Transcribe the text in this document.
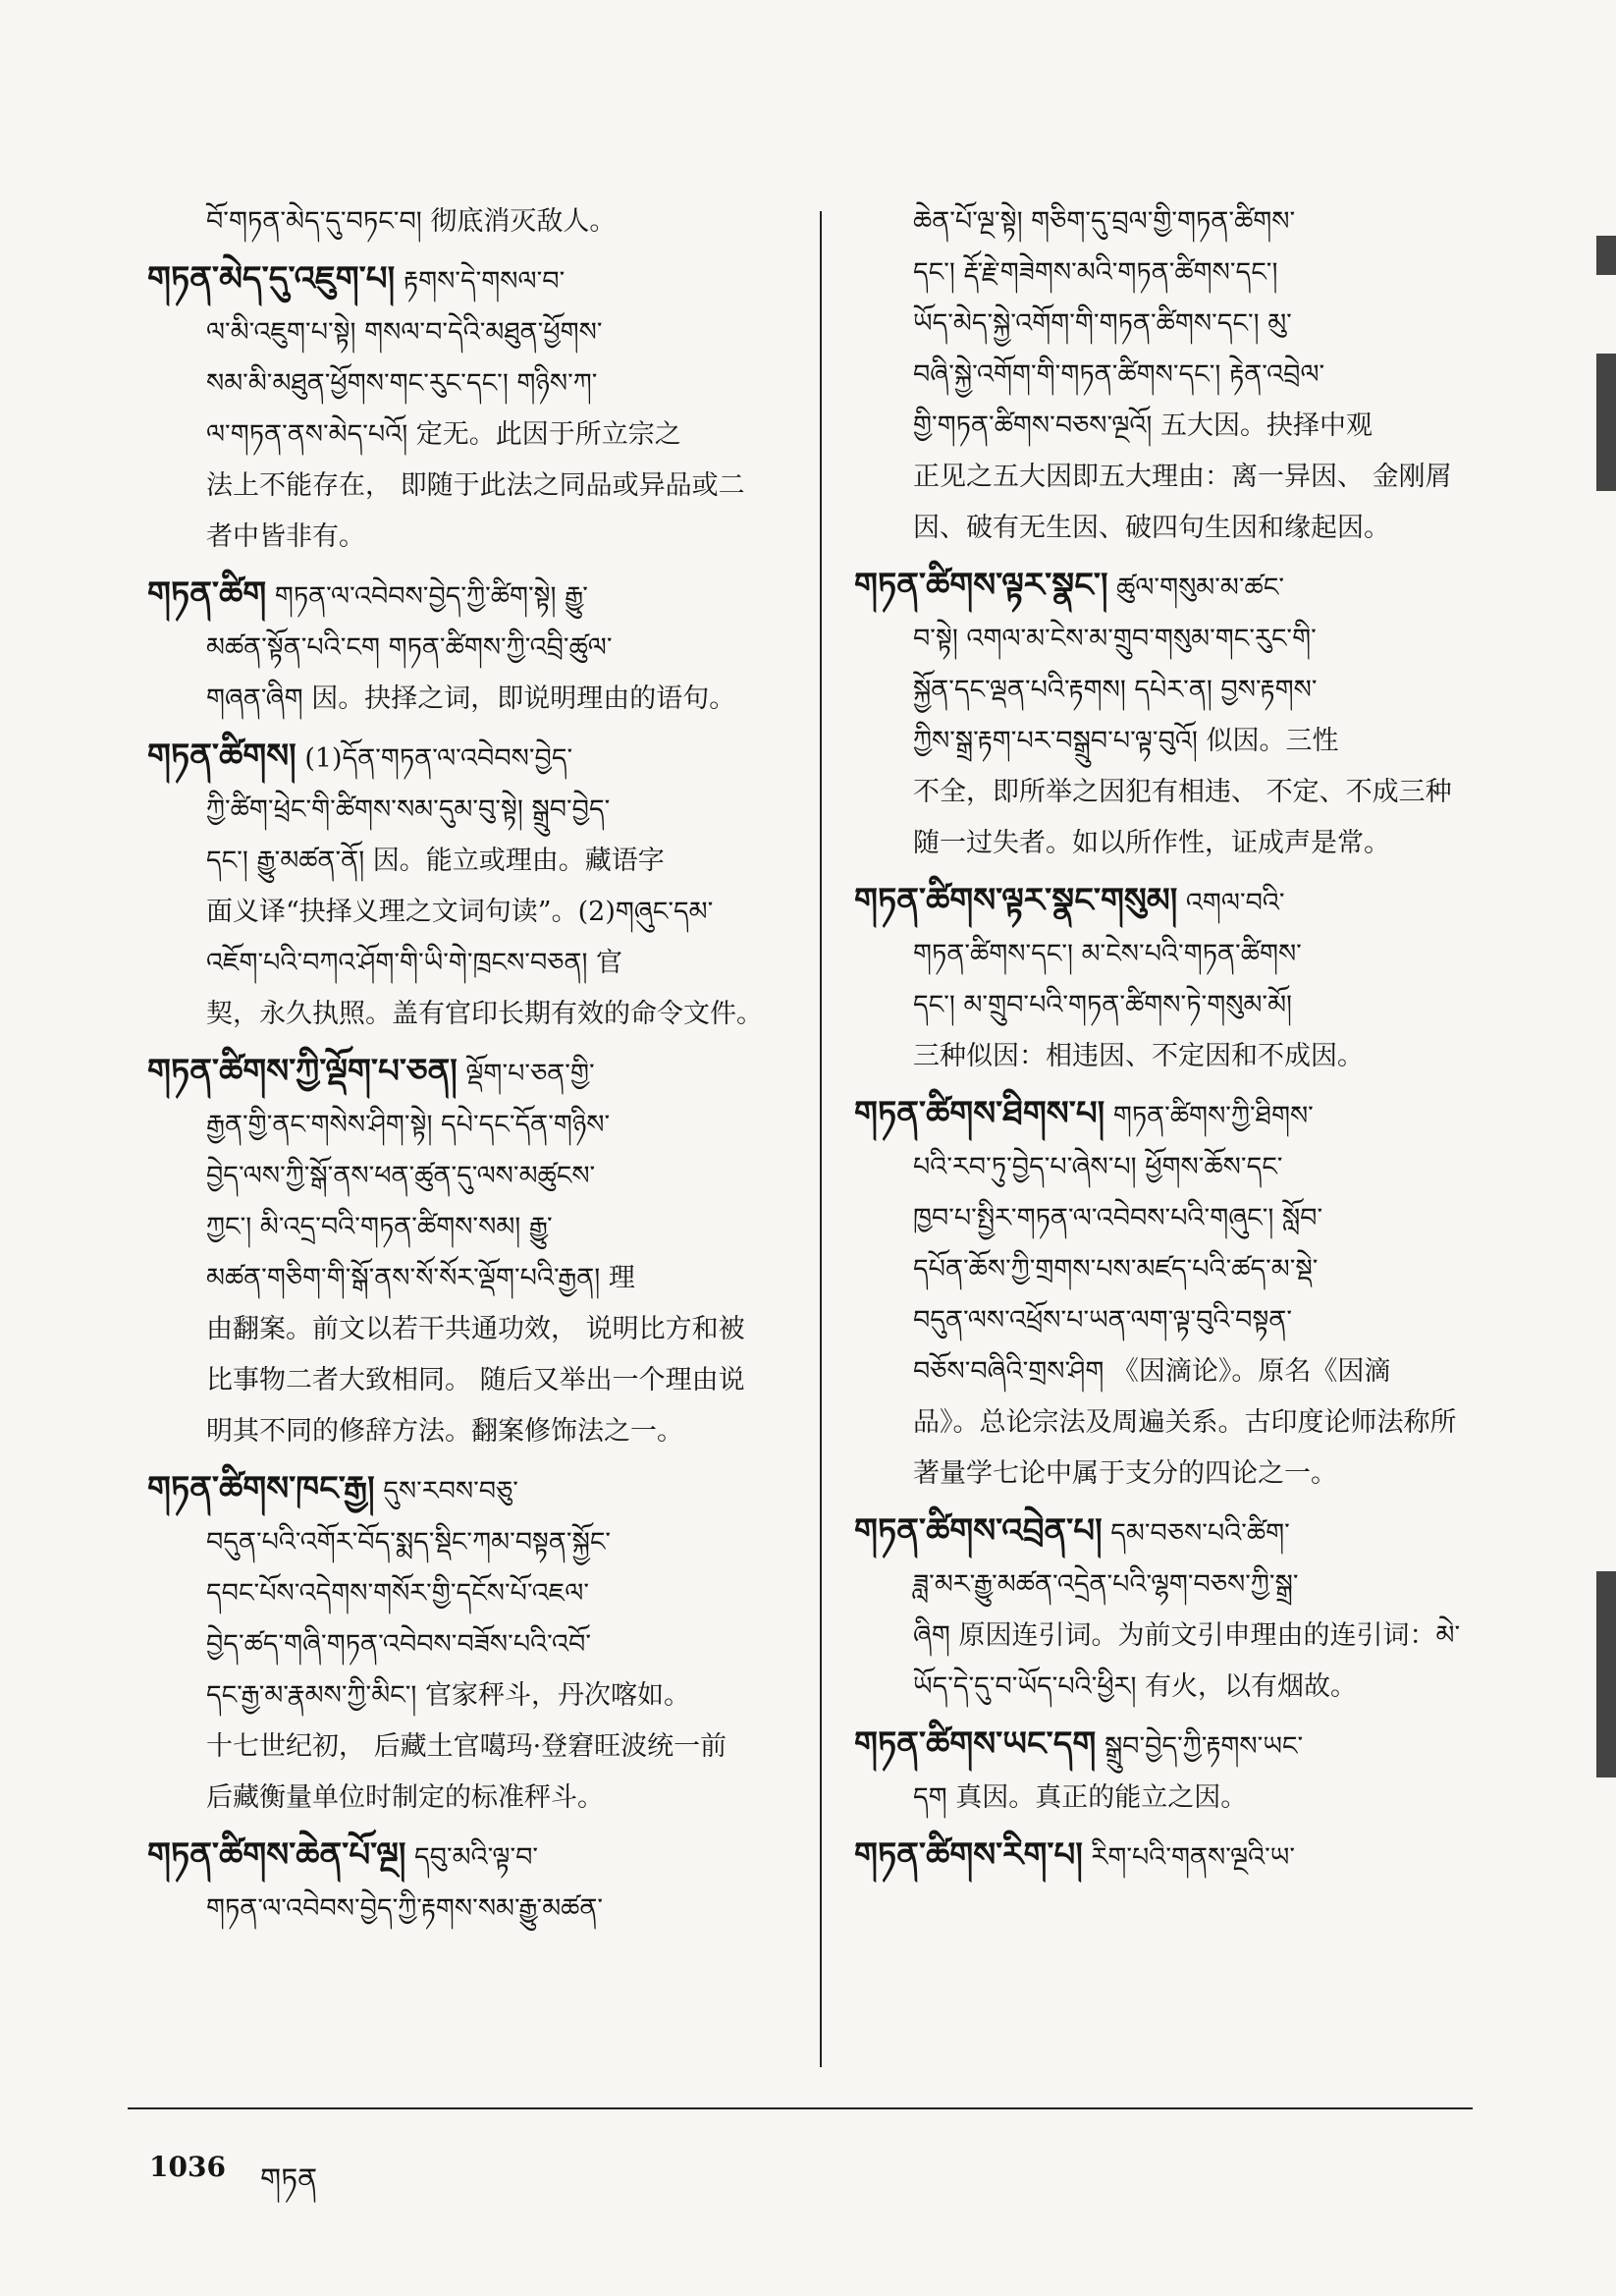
བོ་གཏན་མེད་དུ་བཏང་བ། 彻底消灭敌人。
གཏན་མེད་དུ་འཇུག་པ། རྟགས་དེ་གསལ་བ་
ལ་མི་འཇུག་པ་སྟེ། གསལ་བ་དེའི་མཐུན་ཕྱོགས་
སམ་མི་མཐུན་ཕྱོགས་གང་རུང་དང་། གཉིས་ཀ་
ལ་གཏན་ནས་མེད་པའོ། 定无。此因于所立宗之
法上不能存在， 即随于此法之同品或异品或二
者中皆非有。
གཏན་ཚིག གཏན་ལ་འབེབས་བྱེད་ཀྱི་ཚིག་སྟེ། རྒྱུ་
མཚན་སྟོན་པའི་ངག གཏན་ཚིགས་ཀྱི་འབྲི་ཚུལ་
གཞན་ཞིག 因。抉择之词，即说明理由的语句。
གཏན་ཚིགས། (1)དོན་གཏན་ལ་འབེབས་བྱེད་
ཀྱི་ཚིག་ཕྲེང་གི་ཚིགས་སམ་དུམ་བུ་སྟེ། སྒྲུབ་བྱེད་
དང་། རྒྱུ་མཚན་ནོ། 因。能立或理由。藏语字
面义译“抉择义理之文词句读”。(2)གཞུང་དམ་
འཇོག་པའི་བཀའ་ཤོག་གི་ཡི་གེ་ཁྲངས་བཅན། 官
契，永久执照。盖有官印长期有效的命令文件。
གཏན་ཚིགས་ཀྱི་ལྡོག་པ་ཅན། ལྡོག་པ་ཅན་གྱི་
རྒྱན་གྱི་ནང་གསེས་ཤིག་སྟེ། དཔེ་དང་དོན་གཉིས་
བྱེད་ལས་ཀྱི་སྒོ་ནས་ཕན་ཚུན་དུ་ལས་མཚུངས་
ཀྱང་། མི་འདྲ་བའི་གཏན་ཚིགས་སམ། རྒྱུ་
མཚན་གཅིག་གི་སྒོ་ནས་སོ་སོར་ལྡོག་པའི་རྒྱན། 理
由翻案。前文以若干共通功效， 说明比方和被
比事物二者大致相同。 随后又举出一个理由说
明其不同的修辞方法。翻案修饰法之一。
གཏན་ཚིགས་ཁང་རྒྱ། དུས་རབས་བཅུ་
བདུན་པའི་འགོར་བོད་སྨད་སྡིང་ཀམ་བསྟན་སྐྱོང་
དབང་པོས་འདེགས་གསོར་གྱི་དངོས་པོ་འཇལ་
བྱེད་ཚད་གཞི་གཏན་འབེབས་བཟོས་པའི་འབོ་
དང་རྒྱ་མ་རྣམས་ཀྱི་མིང་། 官家秤斗，丹次喀如。
十七世纪初， 后藏土官噶玛·登窘旺波统一前
后藏衡量单位时制定的标准秤斗。
གཏན་ཚིགས་ཆེན་པོ་ལྔ། དབུ་མའི་ལྟ་བ་
གཏན་ལ་འབེབས་བྱེད་ཀྱི་རྟགས་སམ་རྒྱུ་མཚན་
ཆེན་པོ་ལྔ་སྟེ། གཅིག་དུ་བྲལ་གྱི་གཏན་ཚིགས་
དང་། རྡོ་རྗེ་གཟེགས་མའི་གཏན་ཚིགས་དང་།
ཡོད་མེད་སྐྱེ་འགོག་གི་གཏན་ཚིགས་དང་། མུ་
བཞི་སྐྱེ་འགོག་གི་གཏན་ཚིགས་དང་། རྟེན་འབྲེལ་
གྱི་གཏན་ཚིགས་བཅས་ལྔའོ། 五大因。抉择中观
正见之五大因即五大理由：离一异因、 金刚屑
因、破有无生因、破四句生因和缘起因。
གཏན་ཚིགས་ལྟར་སྣང་། ཚུལ་གསུམ་མ་ཚང་
བ་སྟེ། འགལ་མ་ངེས་མ་གྲུབ་གསུམ་གང་རུང་གི་
སྐྱོན་དང་ལྡན་པའི་རྟགས། དཔེར་ན། བྱས་རྟགས་
ཀྱིས་སྒྲ་རྟག་པར་བསྒྲུབ་པ་ལྟ་བུའོ། 似因。三性
不全，即所举之因犯有相违、 不定、不成三种
随一过失者。如以所作性，证成声是常。
གཏན་ཚིགས་ལྟར་སྣང་གསུམ། འགལ་བའི་
གཏན་ཚིགས་དང་། མ་ངེས་པའི་གཏན་ཚིགས་
དང་། མ་གྲུབ་པའི་གཏན་ཚིགས་ཏེ་གསུམ་མོ།
三种似因：相违因、不定因和不成因。
གཏན་ཚིགས་ཐིགས་པ། གཏན་ཚིགས་ཀྱི་ཐིགས་
པའི་རབ་ཏུ་བྱེད་པ་ཞེས་པ། ཕྱོགས་ཆོས་དང་
ཁྱབ་པ་སྤྱིར་གཏན་ལ་འབེབས་པའི་གཞུང་། སློབ་
དཔོན་ཆོས་ཀྱི་གྲགས་པས་མཛད་པའི་ཚད་མ་སྡེ་
བདུན་ལས་འཕྲོས་པ་ཡན་ལག་ལྟ་བུའི་བསྟན་
བཅོས་བཞིའི་གྲས་ཤིག 《因滴论》。原名《因滴
品》。总论宗法及周遍关系。古印度论师法称所
著量学七论中属于支分的四论之一。
གཏན་ཚིགས་འབྲེན་པ། དམ་བཅས་པའི་ཚིག་
ཟླ་མར་རྒྱུ་མཚན་འདྲེན་པའི་ལྷག་བཅས་ཀྱི་སྒྲ་
ཞིག 原因连引词。为前文引申理由的连引词：མེ་
ཡོད་དེ་དུ་བ་ཡོད་པའི་ཕྱིར། 有火，以有烟故。
གཏན་ཚིགས་ཡང་དག སྒྲུབ་བྱེད་ཀྱི་རྟགས་ཡང་
དག 真因。真正的能立之因。
གཏན་ཚིགས་རིག་པ། རིག་པའི་གནས་ལྔའི་ཡ་
1036 གཏན
